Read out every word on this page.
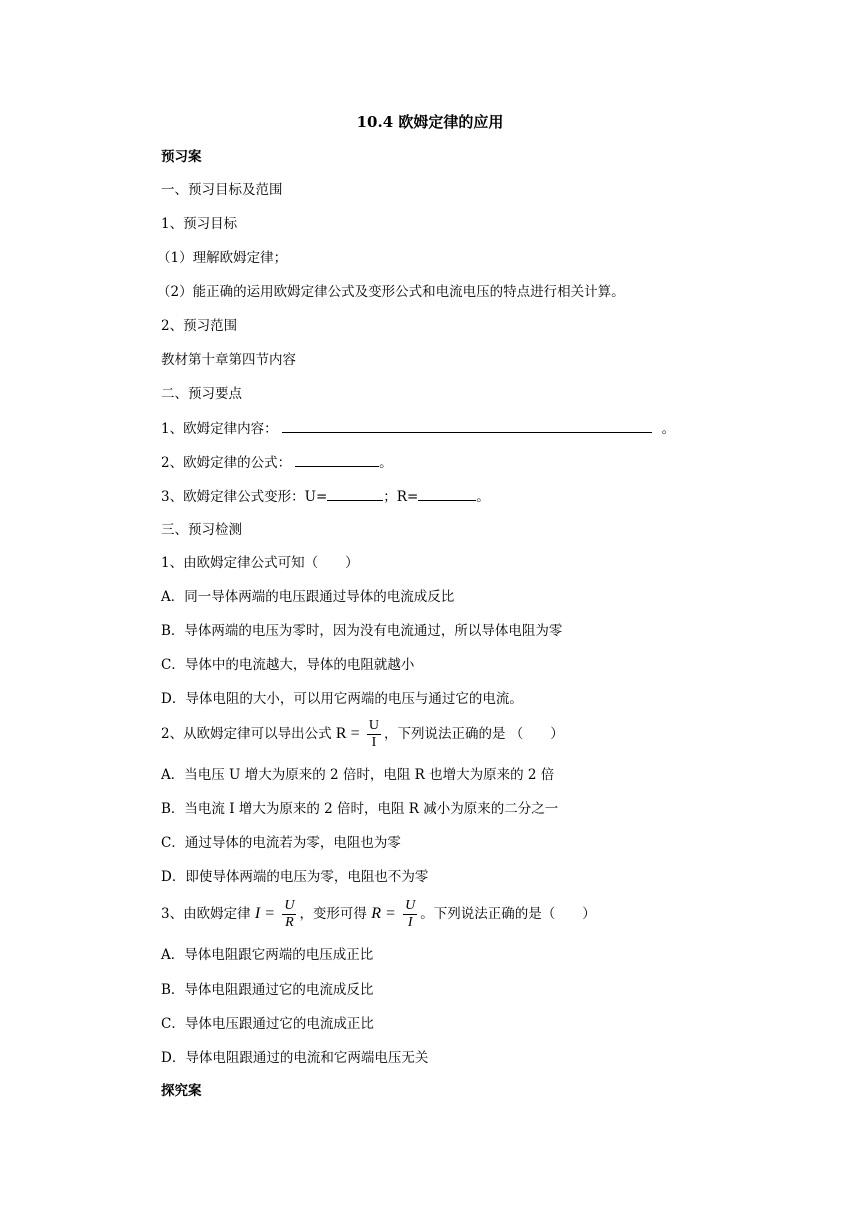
10.4 欧姆定律的应用
预习案
一、预习目标及范围
1、预习目标
（1）理解欧姆定律；
（2）能正确的运用欧姆定律公式及变形公式和电流电压的特点进行相关计算。
2、预习范围
教材第十章第四节内容
二、预习要点
1、欧姆定律内容：	。
2、欧姆定律的公式：	。
3、欧姆定律公式变形：U=	；R=	。
三、预习检测
1、由欧姆定律公式可知（　　）
A．同一导体两端的电压跟通过导体的电流成反比
B．导体两端的电压为零时，因为没有电流通过，所以导体电阻为零
C．导体中的电流越大，导体的电阻就越小
D．导体电阻的大小，可以用它两端的电压与通过它的电流。
2、从欧姆定律可以导出公式 $R = \frac{U}{I}$ ，下列说法正确的是 （　　）
A．当电压 U 增大为原来的 2 倍时，电阻 R 也增大为原来的 2 倍
B．当电流 I 增大为原来的 2 倍时，电阻 R 减小为原来的二分之一
C．通过导体的电流若为零，电阻也为零
D．即使导体两端的电压为零，电阻也不为零
3、由欧姆定律 $I = \frac{U}{R}$ ，变形可得 $R = \frac{U}{I}$ 。下列说法正确的是（　　）
A．导体电阻跟它两端的电压成正比
B．导体电阻跟通过它的电流成反比
C．导体电压跟通过它的电流成正比
D．导体电阻跟通过的电流和它两端电压无关
探究案
